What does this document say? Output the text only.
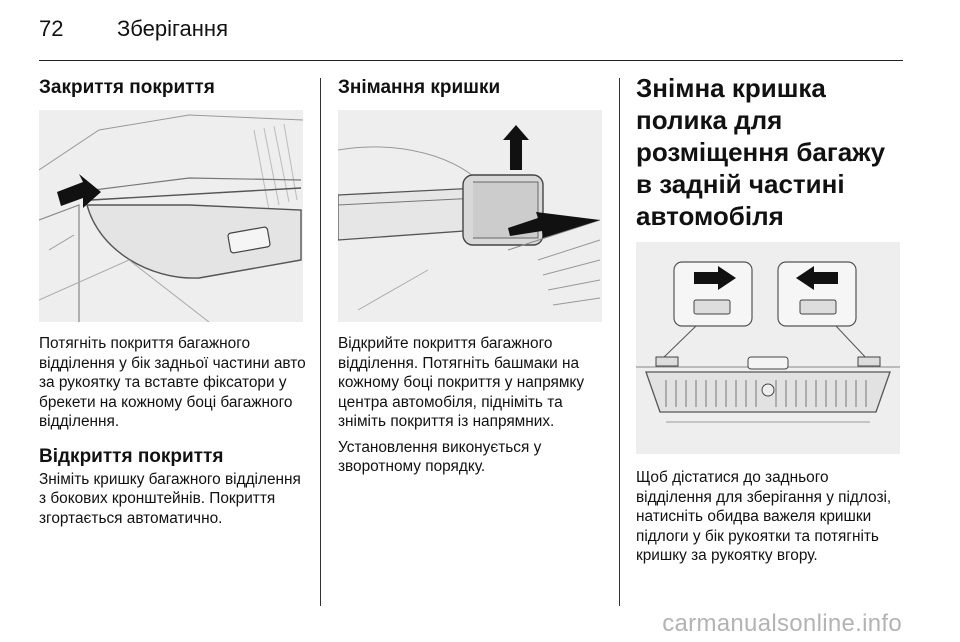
72 Зберігання
Закриття покриття

Потягніть покриття багажного відділення у бік задньої частини авто за рукоятку та вставте фіксатори у брекети на кожному боці багажного відділення.

Відкриття покриття

Зніміть кришку багажного відділення з бокових кронштейнів. Покриття згортається автоматично.

Знімання кришки

Відкрийте покриття багажного відділення. Потягніть башмаки на кожному боці покриття у напрямку центра автомобіля, підніміть та зніміть покриття із напрямних.

Установлення виконується у зворотному порядку.

Знімна кришка полика для розміщення багажу в задній частині автомобіля

Щоб дістатися до заднього відділення для зберігання у підлозі, натисніть обидва важеля кришки підлоги у бік рукоятки та потягніть кришку за рукоятку вгору.

carmanualsonline.info
